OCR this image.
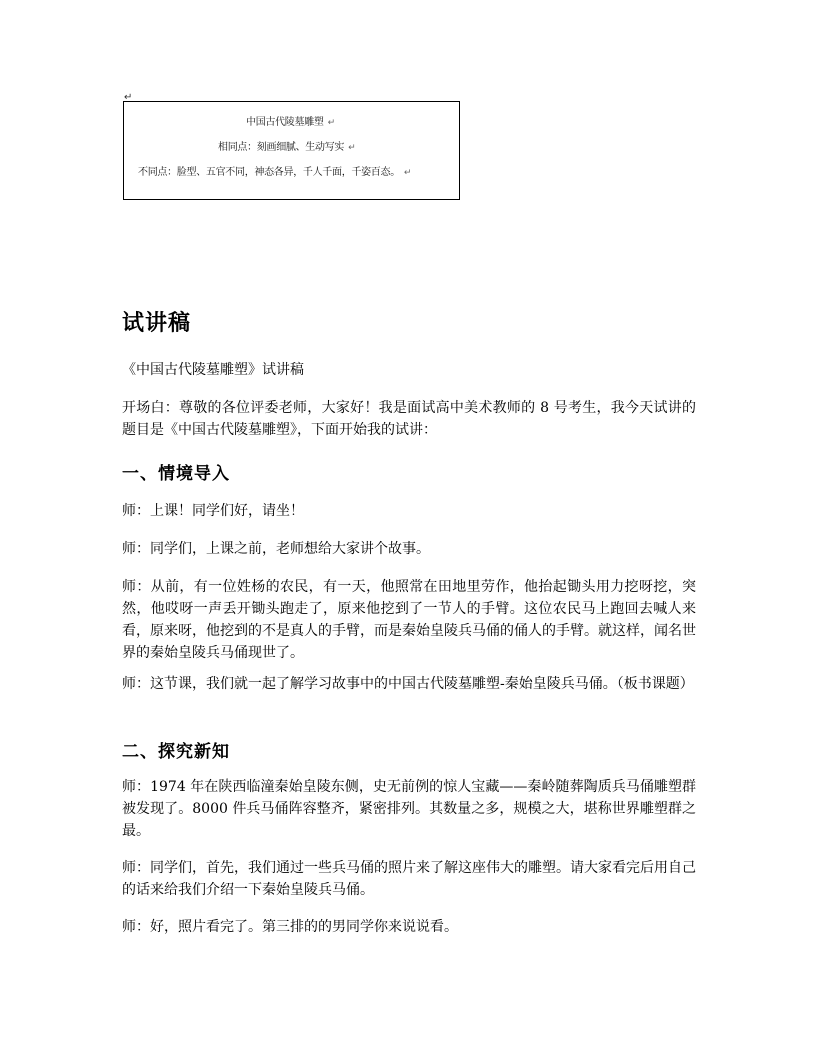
↵
中国古代陵墓雕塑 ↵
相同点：刻画细腻、生动写实 ↵
不同点：脸型、五官不同，神态各异，千人千面，千姿百态。 ↵
试讲稿
《中国古代陵墓雕塑》试讲稿
开场白：尊敬的各位评委老师，大家好！我是面试高中美术教师的 8 号考生，我今天试讲的题目是《中国古代陵墓雕塑》，下面开始我的试讲：
一、情境导入
师：上课！同学们好，请坐！
师：同学们，上课之前，老师想给大家讲个故事。
师：从前，有一位姓杨的农民，有一天，他照常在田地里劳作，他抬起锄头用力挖呀挖，突然，他哎呀一声丢开锄头跑走了，原来他挖到了一节人的手臂。这位农民马上跑回去喊人来看，原来呀，他挖到的不是真人的手臂，而是秦始皇陵兵马俑的俑人的手臂。就这样，闻名世界的秦始皇陵兵马俑现世了。
师：这节课，我们就一起了解学习故事中的中国古代陵墓雕塑-秦始皇陵兵马俑。（板书课题）
二、探究新知
师：1974 年在陕西临潼秦始皇陵东侧，史无前例的惊人宝藏——秦岭随葬陶质兵马俑雕塑群被发现了。8000 件兵马俑阵容整齐，紧密排列。其数量之多，规模之大，堪称世界雕塑群之最。
师：同学们，首先，我们通过一些兵马俑的照片来了解这座伟大的雕塑。请大家看完后用自己的话来给我们介绍一下秦始皇陵兵马俑。
师：好，照片看完了。第三排的的男同学你来说说看。
